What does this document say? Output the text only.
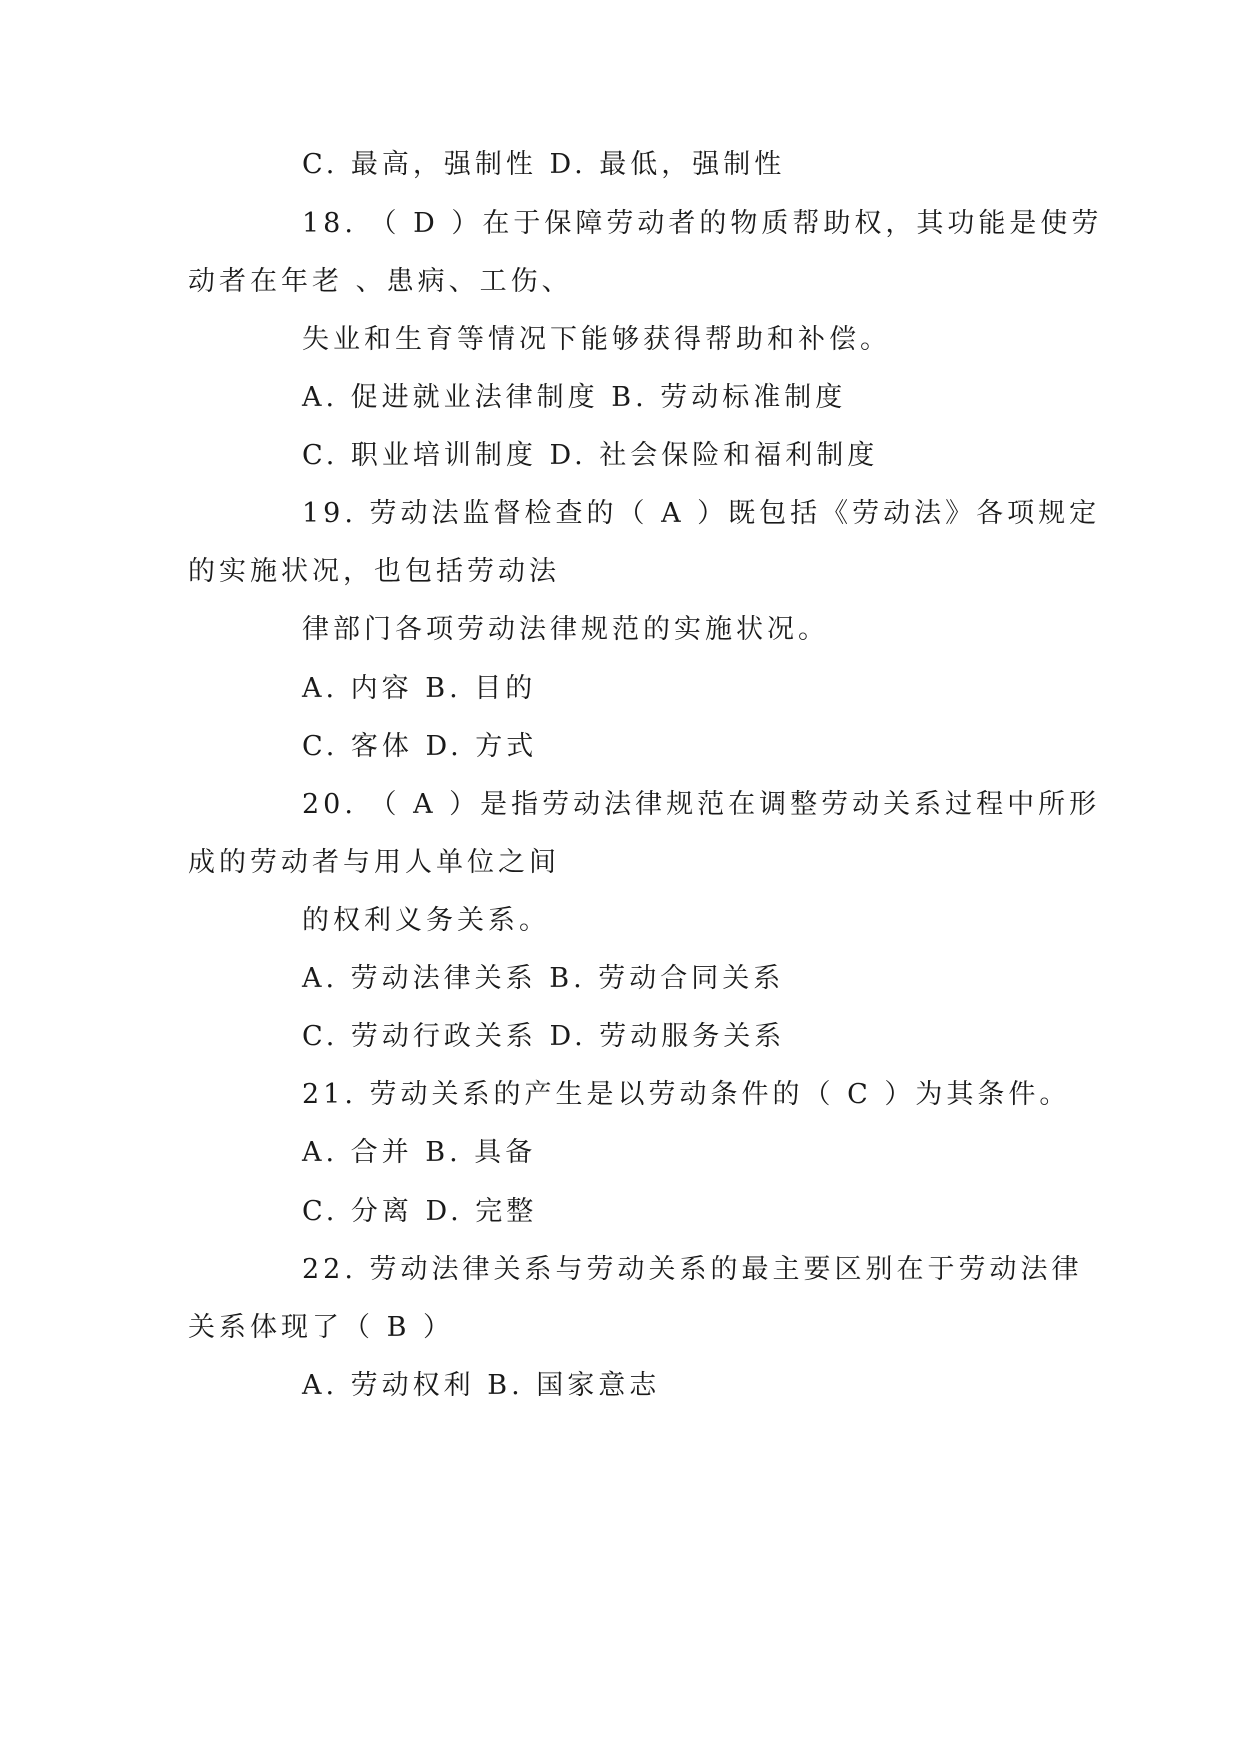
C. 最高，强制性 D. 最低，强制性
18. （ D ）在于保障劳动者的物质帮助权，其功能是使劳
动者在年老 、患病、工伤、
失业和生育等情况下能够获得帮助和补偿。
A. 促进就业法律制度 B. 劳动标准制度
C. 职业培训制度 D. 社会保险和福利制度
19. 劳动法监督检查的（ A ）既包括《劳动法》各项规定
的实施状况，也包括劳动法
律部门各项劳动法律规范的实施状况。
A. 内容 B. 目的
C. 客体 D. 方式
20. （ A ）是指劳动法律规范在调整劳动关系过程中所形
成的劳动者与用人单位之间
的权利义务关系。
A. 劳动法律关系 B. 劳动合同关系
C. 劳动行政关系 D. 劳动服务关系
21. 劳动关系的产生是以劳动条件的（ C ）为其条件。
A. 合并 B. 具备
C. 分离 D. 完整
22. 劳动法律关系与劳动关系的最主要区别在于劳动法律
关系体现了（ B ）
A. 劳动权利 B. 国家意志
